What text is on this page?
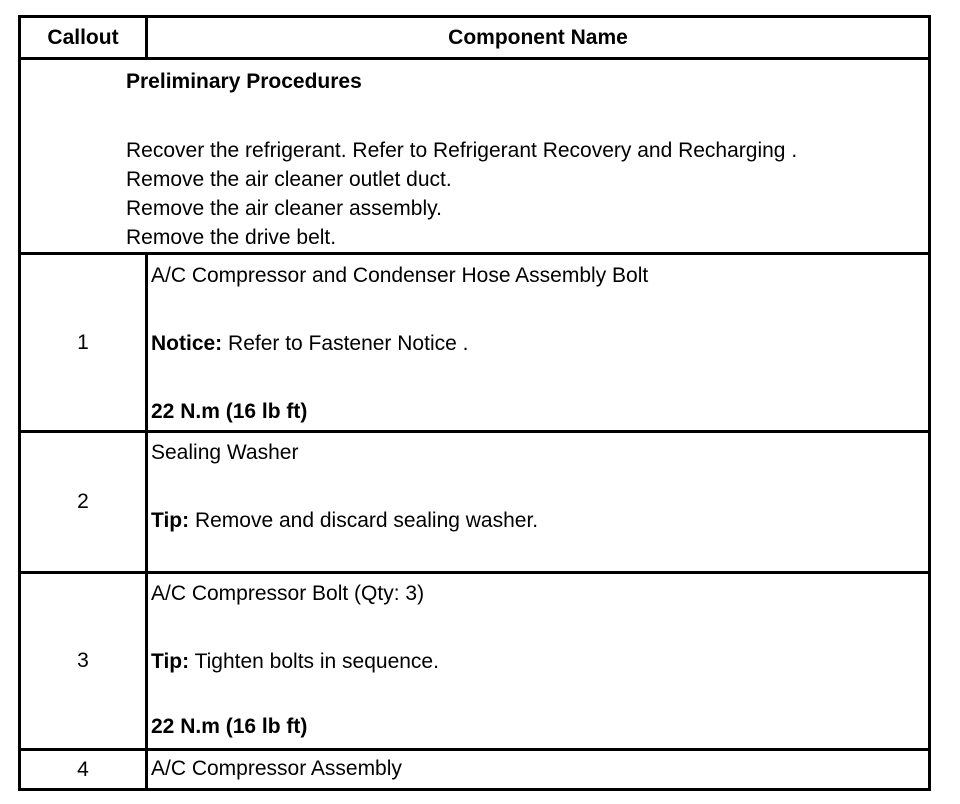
Callout	Component Name
Preliminary Procedures
Recover the refrigerant. Refer to Refrigerant Recovery and Recharging .
Remove the air cleaner outlet duct.
Remove the air cleaner assembly.
Remove the drive belt.
1
A/C Compressor and Condenser Hose Assembly Bolt
Notice: Refer to Fastener Notice .
22 N.m (16 lb ft)
2
Sealing Washer
Tip: Remove and discard sealing washer.
3
A/C Compressor Bolt (Qty: 3)
Tip: Tighten bolts in sequence.
22 N.m (16 lb ft)
4	A/C Compressor Assembly
